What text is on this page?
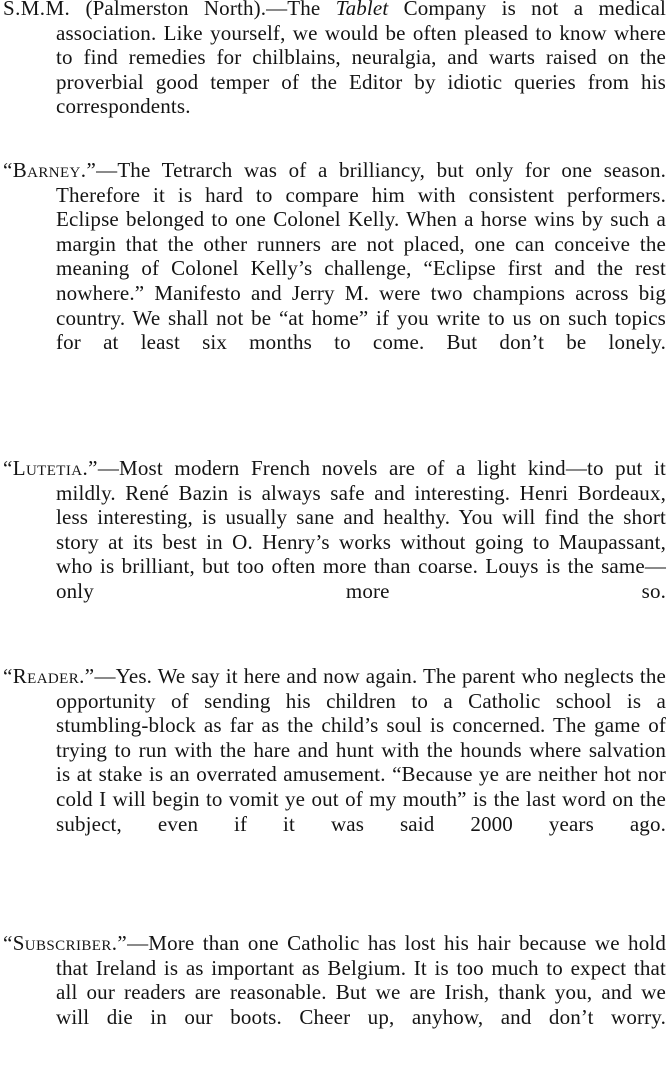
S.M.M. (Palmerston North).—The Tablet Company is not a medical association. Like yourself, we would be often pleased to know where to find remedies for chilblains, neuralgia, and warts raised on the proverbial good temper of the Editor by idiotic queries from his correspondents.

“Barney.”—The Tetrarch was of a brilliancy, but only for one season. Therefore it is hard to compare him with consistent performers. Eclipse belonged to one Colonel Kelly. When a horse wins by such a margin that the other runners are not placed, one can conceive the meaning of Colonel Kelly’s challenge, “Eclipse first and the rest nowhere.” Manifesto and Jerry M. were two champions across big country. We shall not be “at home” if you write to us on such topics for at least six months to come. But don’t be lonely.

“Lutetia.”—Most modern French novels are of a light kind—to put it mildly. René Bazin is always safe and interesting. Henri Bordeaux, less interesting, is usually sane and healthy. You will find the short story at its best in O. Henry’s works without going to Maupassant, who is brilliant, but too often more than coarse. Louys is the same—only more so.

“Reader.”—Yes. We say it here and now again. The parent who neglects the opportunity of sending his children to a Catholic school is a stumbling-block as far as the child’s soul is concerned. The game of trying to run with the hare and hunt with the hounds where salvation is at stake is an overrated amusement. “Because ye are neither hot nor cold I will begin to vomit ye out of my mouth” is the last word on the subject, even if it was said 2000 years ago.

“Subscriber.”—More than one Catholic has lost his hair because we hold that Ireland is as important as Belgium. It is too much to expect that all our readers are reasonable. But we are Irish, thank you, and we will die in our boots. Cheer up, anyhow, and don’t worry.
